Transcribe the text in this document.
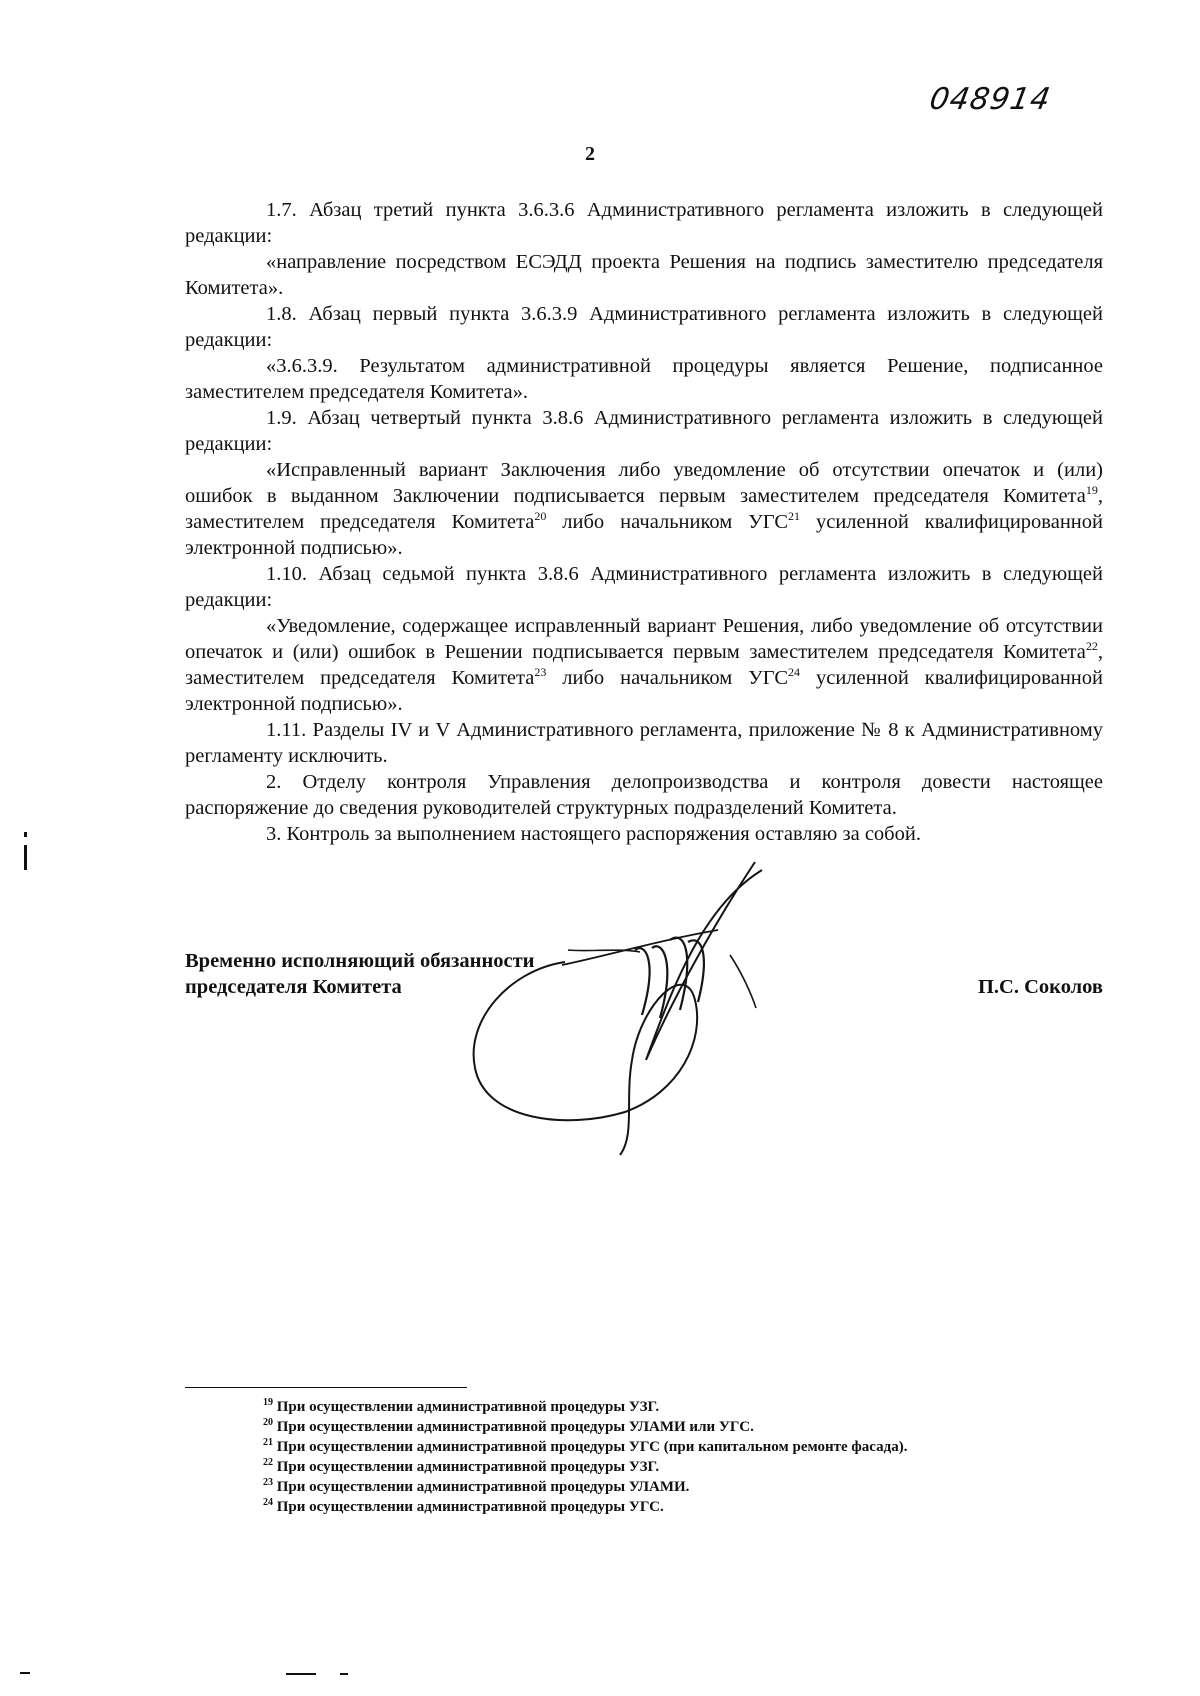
048914
2

1.7. Абзац третий пункта 3.6.3.6 Административного регламента изложить в следующей редакции:

«направление посредством ЕСЭДД проекта Решения на подпись заместителю председателя Комитета».

1.8. Абзац первый пункта 3.6.3.9 Административного регламента изложить в следующей редакции:

«3.6.3.9. Результатом административной процедуры является Решение, подписанное заместителем председателя Комитета».

1.9. Абзац четвертый пункта 3.8.6 Административного регламента изложить в следующей редакции:

«Исправленный вариант Заключения либо уведомление об отсутствии опечаток и (или) ошибок в выданном Заключении подписывается первым заместителем председателя Комитета$^{19}$, заместителем председателя Комитета$^{20}$ либо начальником УГС$^{21}$ усиленной квалифицированной электронной подписью».

1.10. Абзац седьмой пункта 3.8.6 Административного регламента изложить в следующей редакции:

«Уведомление, содержащее исправленный вариант Решения, либо уведомление об отсутствии опечаток и (или) ошибок в Решении подписывается первым заместителем председателя Комитета$^{22}$, заместителем председателя Комитета$^{23}$ либо начальником УГС$^{24}$ усиленной квалифицированной электронной подписью».

1.11. Разделы IV и V Административного регламента, приложение № 8 к Административному регламенту исключить.

2. Отделу контроля Управления делопроизводства и контроля довести настоящее распоряжение до сведения руководителей структурных подразделений Комитета.

3. Контроль за выполнением настоящего распоряжения оставляю за собой.

Временно исполняющий обязанности
председателя Комитета	П.С. Соколов

$^{19}$ При осуществлении административной процедуры УЗГ.

$^{20}$ При осуществлении административной процедуры УЛАМИ или УГС.

$^{21}$ При осуществлении административной процедуры УГС (при капитальном ремонте фасада).

$^{22}$ При осуществлении административной процедуры УЗГ.

$^{23}$ При осуществлении административной процедуры УЛАМИ.

$^{24}$ При осуществлении административной процедуры УГС.
